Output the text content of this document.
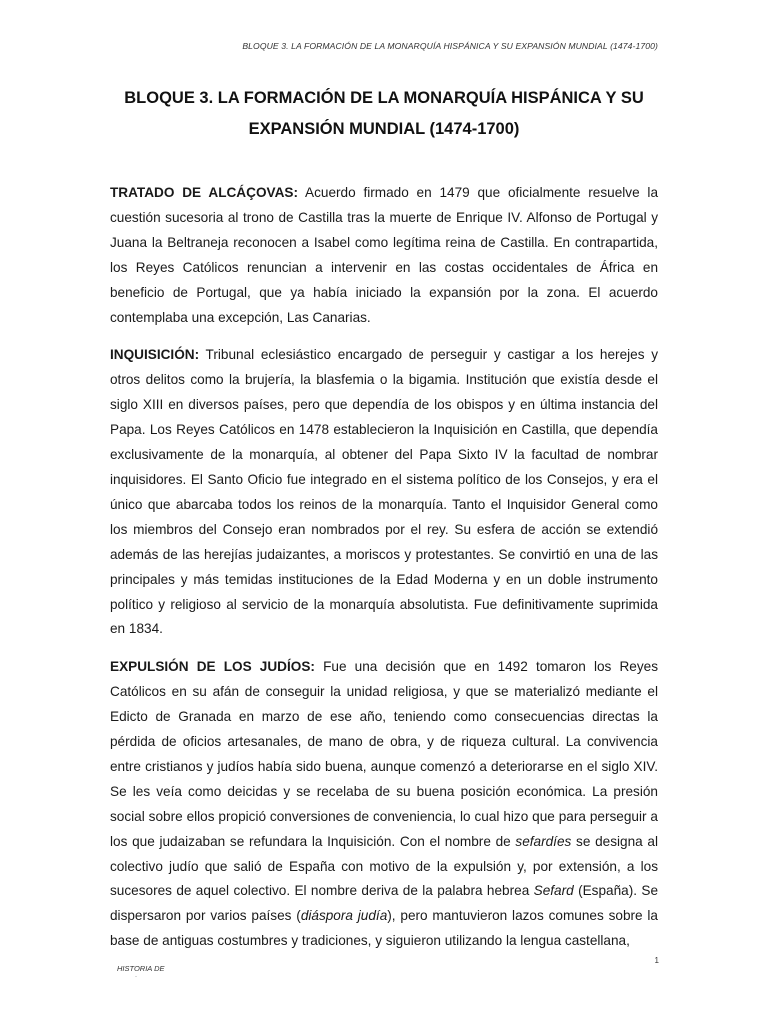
BLOQUE 3. LA FORMACIÓN DE LA MONARQUÍA HISPÁNICA Y SU EXPANSIÓN MUNDIAL (1474-1700)
BLOQUE 3. LA FORMACIÓN DE LA MONARQUÍA HISPÁNICA Y SU
EXPANSIÓN MUNDIAL (1474-1700)

TRATADO DE ALCÁÇOVAS: Acuerdo firmado en 1479 que oficialmente resuelve la cuestión sucesoria al trono de Castilla tras la muerte de Enrique IV. Alfonso de Portugal y Juana la Beltraneja reconocen a Isabel como legítima reina de Castilla. En contrapartida, los Reyes Católicos renuncian a intervenir en las costas occidentales de África en beneficio de Portugal, que ya había iniciado la expansión por la zona. El acuerdo contemplaba una excepción, Las Canarias.

INQUISICIÓN: Tribunal eclesiástico encargado de perseguir y castigar a los herejes y otros delitos como la brujería, la blasfemia o la bigamia. Institución que existía desde el siglo XIII en diversos países, pero que dependía de los obispos y en última instancia del Papa. Los Reyes Católicos en 1478 establecieron la Inquisición en Castilla, que dependía exclusivamente de la monarquía, al obtener del Papa Sixto IV la facultad de nombrar inquisidores. El Santo Oficio fue integrado en el sistema político de los Consejos, y era el único que abarcaba todos los reinos de la monarquía. Tanto el Inquisidor General como los miembros del Consejo eran nombrados por el rey. Su esfera de acción se extendió además de las herejías judaizantes, a moriscos y protestantes. Se convirtió en una de las principales y más temidas instituciones de la Edad Moderna y en un doble instrumento político y religioso al servicio de la monarquía absolutista. Fue definitivamente suprimida en 1834.

EXPULSIÓN DE LOS JUDÍOS: Fue una decisión que en 1492 tomaron los Reyes Católicos en su afán de conseguir la unidad religiosa, y que se materializó mediante el Edicto de Granada en marzo de ese año, teniendo como consecuencias directas la pérdida de oficios artesanales, de mano de obra, y de riqueza cultural. La convivencia entre cristianos y judíos había sido buena, aunque comenzó a deteriorarse en el siglo XIV. Se les veía como deicidas y se recelaba de su buena posición económica. La presión social sobre ellos propició conversiones de conveniencia, lo cual hizo que para perseguir a los que judaizaban se refundara la Inquisición. Con el nombre de sefardíes se designa al colectivo judío que salió de España con motivo de la expulsión y, por extensión, a los sucesores de aquel colectivo. El nombre deriva de la palabra hebrea Sefard (España). Se dispersaron por varios países (diáspora judía), pero mantuvieron lazos comunes sobre la base de antiguas costumbres y tradiciones, y siguieron utilizando la lengua castellana,

HISTORIA DE
·
1
